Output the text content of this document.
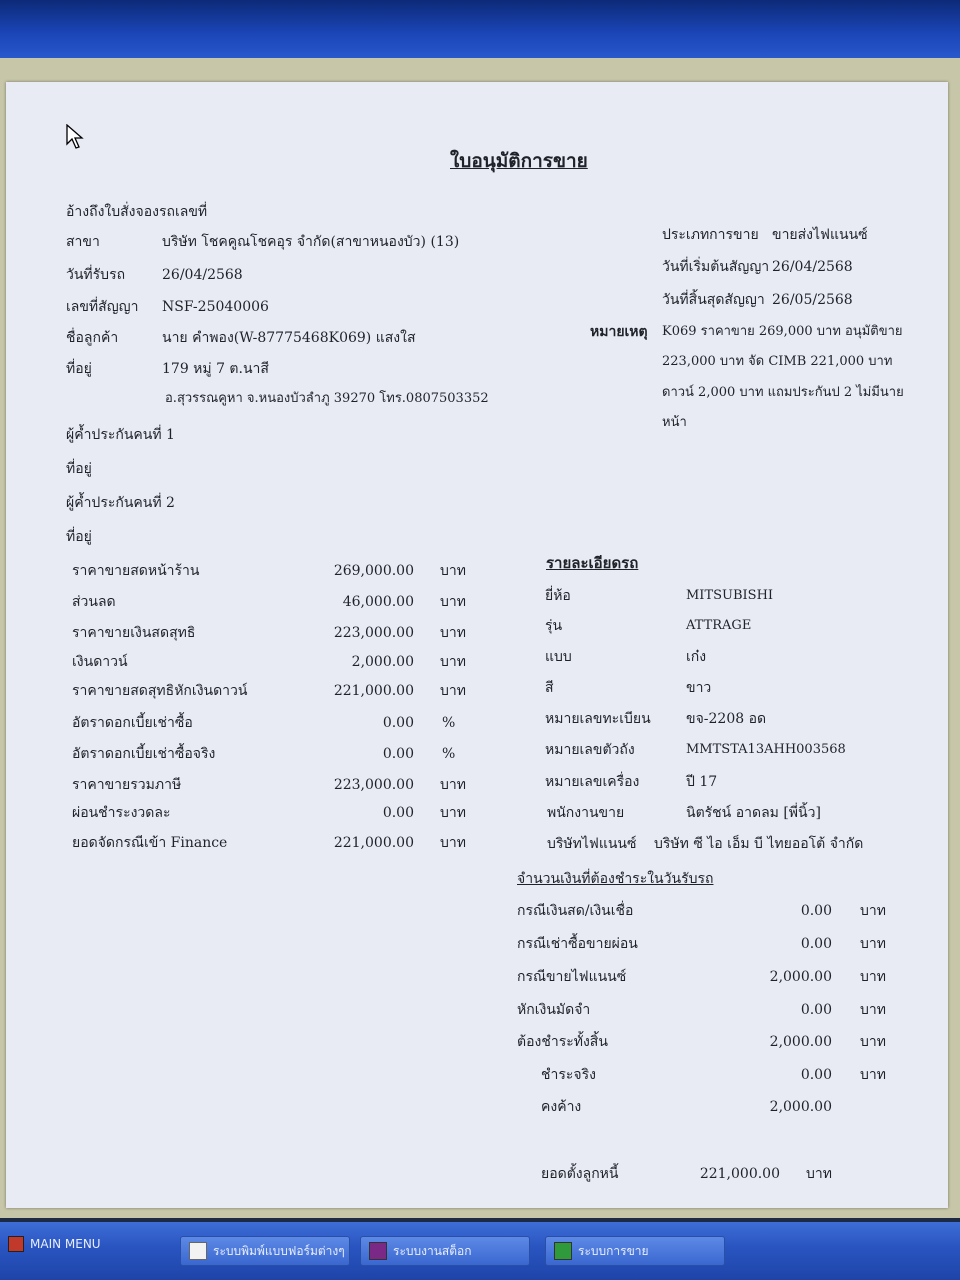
ใบอนุมัติการขาย
อ้างถึงใบสั่งจองรถเลขที่
สาขา	บริษัท โชคคูณโชคอุร จำกัด(สาขาหนองบัว) (13)
วันที่รับรถ	26/04/2568
เลขที่สัญญา NSF-25040006
ชื่อลูกค้า	นาย คำพอง(W-87775468K069) แสงใส
ที่อยู่	179 หมู่ 7 ต.นาสี
อ.สุวรรณคูหา จ.หนองบัวลำภู 39270 โทร.0807503352
ผู้ค้ำประกันคนที่ 1
ที่อยู่
ผู้ค้ำประกันคนที่ 2
ที่อยู่
ประเภทการขาย ขายส่งไฟแนนซ์
วันที่เริ่มต้นสัญญา 26/04/2568
วันที่สิ้นสุดสัญญา 26/05/2568
หมายเหตุ K069 ราคาขาย 269,000 บาท อนุมัติขาย
223,000 บาท จัด CIMB 221,000 บาท
ดาวน์ 2,000 บาท แถมประกันป 2 ไม่มีนาย
หน้า
ราคาขายสดหน้าร้าน	269,000.00 บาท
ส่วนลด	46,000.00 บาท
ราคาขายเงินสดสุทธิ	223,000.00 บาท
เงินดาวน์	2,000.00 บาท
ราคาขายสดสุทธิหักเงินดาวน์	221,000.00 บาท
อัตราดอกเบี้ยเช่าซื้อ	0.00 %
อัตราดอกเบี้ยเช่าซื้อจริง	0.00 %
ราคาขายรวมภาษี	223,000.00 บาท
ผ่อนชำระงวดละ	0.00 บาท
ยอดจัดกรณีเข้า Finance	221,000.00 บาท
รายละเอียดรถ
ยี่ห้อ	MITSUBISHI
รุ่น	ATTRAGE
แบบ	เก๋ง
สี	ขาว
หมายเลขทะเบียน	ขจ-2208 อด
หมายเลขตัวถัง	MMTSTA13AHH003568
หมายเลขเครื่อง	ปี 17
พนักงานขาย	นิตรัชน์ อาดลม [พี่นิ้ว]
บริษัทไฟแนนซ์ บริษัท ซี ไอ เอ็ม บี ไทยออโต้ จำกัด
จำนวนเงินที่ต้องชำระในวันรับรถ
กรณีเงินสด/เงินเชื่อ	0.00 บาท
กรณีเช่าซื้อขายผ่อน	0.00 บาท
กรณีขายไฟแนนซ์	2,000.00 บาท
หักเงินมัดจำ	0.00 บาท
ต้องชำระทั้งสิ้น	2,000.00 บาท
ชำระจริง	0.00 บาท
คงค้าง	2,000.00
ยอดตั้งลูกหนี้	221,000.00 บาท
MAIN MENU	ระบบพิมพ์แบบฟอร์มต่างๆ	ระบบงานสต็อก	ระบบการขาย
